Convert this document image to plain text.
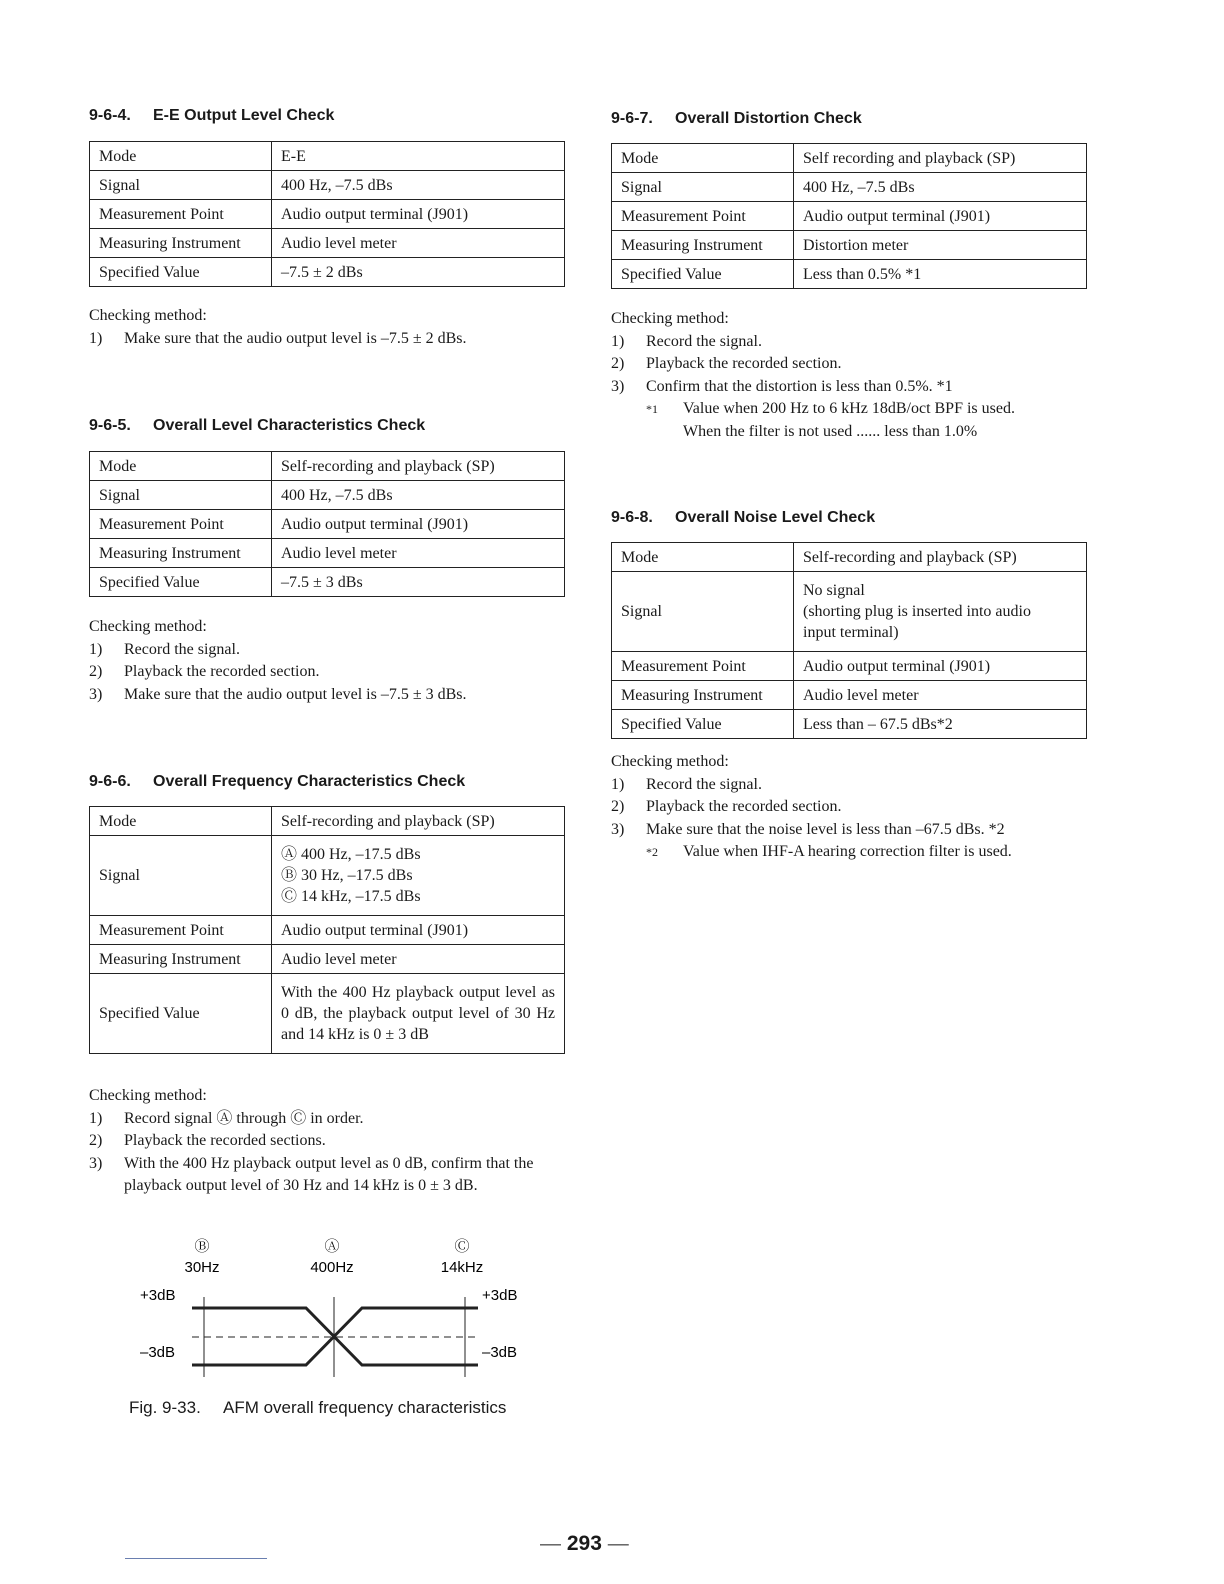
9-6-4. E-E Output Level Check
Mode	E-E
Signal	400 Hz, –7.5 dBs
Measurement Point	Audio output terminal (J901)
Measuring Instrument	Audio level meter
Specified Value	–7.5 ± 2 dBs
Checking method:
1)	Make sure that the audio output level is –7.5 ± 2 dBs.
9-6-5. Overall Level Characteristics Check
Mode	Self-recording and playback (SP)
Signal	400 Hz, –7.5 dBs
Measurement Point	Audio output terminal (J901)
Measuring Instrument	Audio level meter
Specified Value	–7.5 ± 3 dBs
Checking method:
1)	Record the signal.
2)	Playback the recorded section.
3)	Make sure that the audio output level is –7.5 ± 3 dBs.
9-6-6. Overall Frequency Characteristics Check
Mode	Self-recording and playback (SP)
Signal	Ⓐ 400 Hz, –17.5 dBs
Ⓑ 30 Hz, –17.5 dBs
Ⓒ 14 kHz, –17.5 dBs

Measurement Point	Audio output terminal (J901)
Measuring Instrument	Audio level meter
Specified Value	With the 400 Hz playback output level as 0 dB, the playback output level of 30 Hz and 14 kHz is 0 ± 3 dB
Checking method:
1)	Record signal Ⓐ through Ⓒ in order.
2)	Playback the recorded sections.
3)	With the 400 Hz playback output level as 0 dB, confirm that the playback output level of 30 Hz and 14 kHz is 0 ± 3 dB.
Ⓑ	Ⓐ	Ⓒ
30Hz	400Hz	14kHz
+3dB
–3dB
+3dB
–3dB
Fig. 9-33. AFM overall frequency characteristics
9-6-7. Overall Distortion Check
Mode	Self recording and playback (SP)
Signal	400 Hz, –7.5 dBs
Measurement Point	Audio output terminal (J901)
Measuring Instrument	Distortion meter
Specified Value	Less than 0.5% *1
Checking method:
1)	Record the signal.
2)	Playback the recorded section.
3)	Confirm that the distortion is less than 0.5%. *1
*1	Value when 200 Hz to 6 kHz 18dB/oct BPF is used.
When the filter is not used ...... less than 1.0%
9-6-8. Overall Noise Level Check
Mode	Self-recording and playback (SP)
Signal	No signal
(shorting plug is inserted into audio
input terminal)

Measurement Point	Audio output terminal (J901)
Measuring Instrument	Audio level meter
Specified Value	Less than – 67.5 dBs*2
Checking method:
1)	Record the signal.
2)	Playback the recorded section.
3)	Make sure that the noise level is less than –67.5 dBs. *2
*2	Value when IHF-A hearing correction filter is used.
— 293 —
